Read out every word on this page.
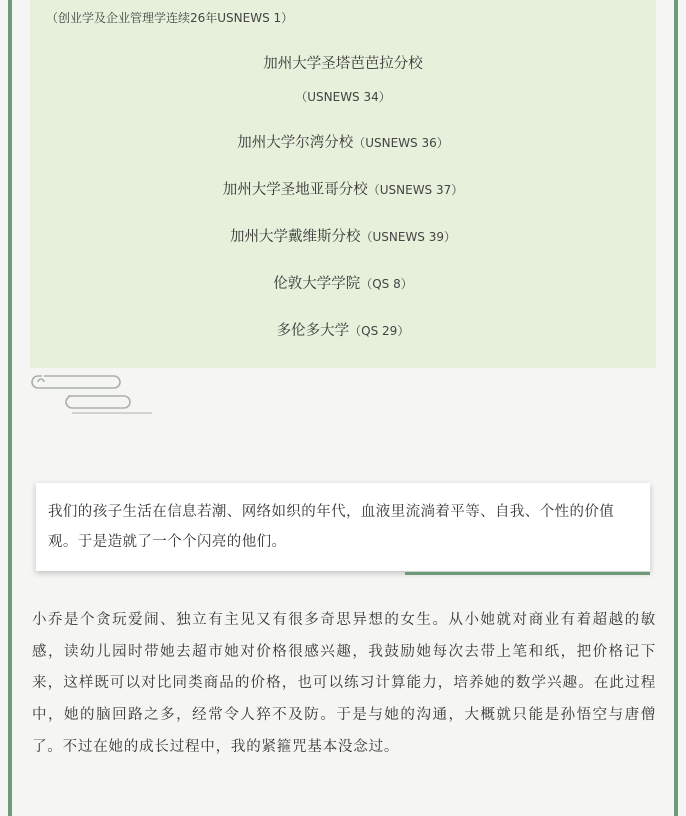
（创业学及企业管理学连续26年USNEWS 1）
加州大学圣塔芭芭拉分校
（USNEWS 34）
加州大学尔湾分校（USNEWS 36）
加州大学圣地亚哥分校（USNEWS 37）
加州大学戴维斯分校（USNEWS 39）
伦敦大学学院（QS 8）
多伦多大学（QS 29）
我们的孩子生活在信息若潮、网络如织的年代，血液里流淌着平等、自我、个性的价值观。于是造就了一个个闪亮的他们。
小乔是个贪玩爱闹、独立有主见又有很多奇思异想的女生。从小她就对商业有着超越的敏感，读幼儿园时带她去超市她对价格很感兴趣，我鼓励她每次去带上笔和纸，把价格记下来，这样既可以对比同类商品的价格，也可以练习计算能力，培养她的数学兴趣。在此过程中，她的脑回路之多，经常令人猝不及防。于是与她的沟通，大概就只能是孙悟空与唐僧了。不过在她的成长过程中，我的紧箍咒基本没念过。
